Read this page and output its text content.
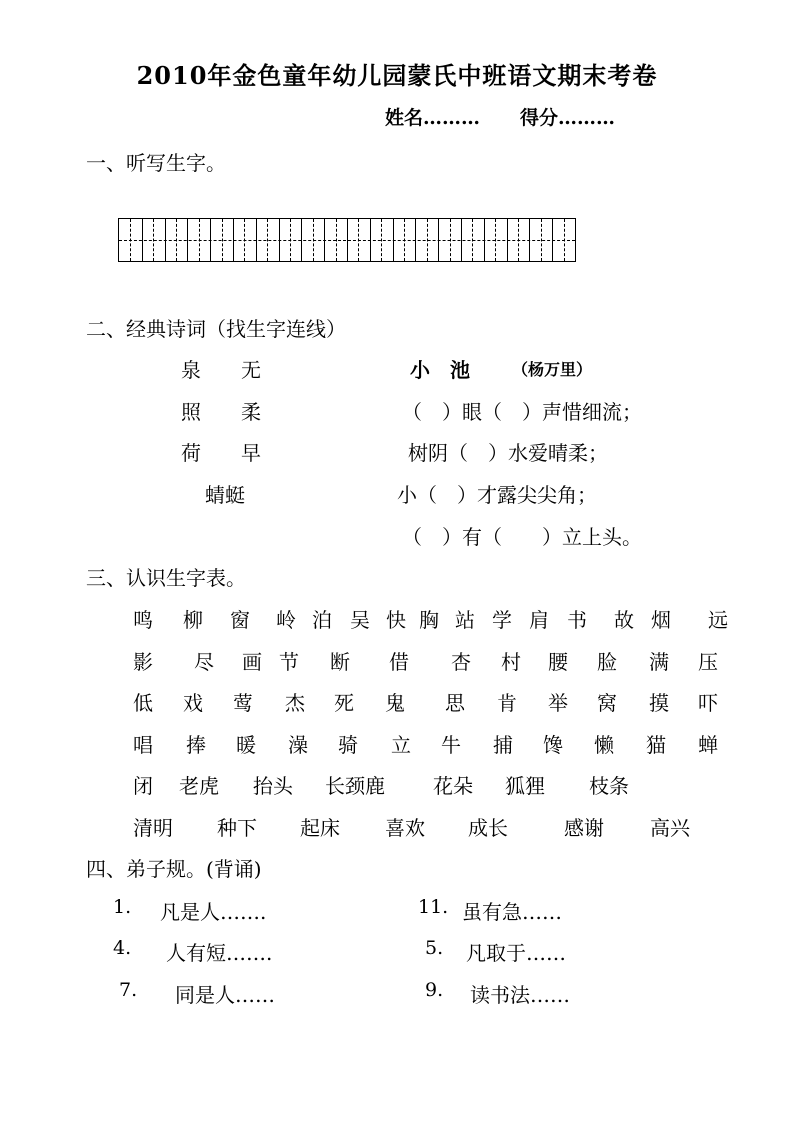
2010年金色童年幼儿园蒙氏中班语文期末考卷
姓名……… 得分………
一、听写生字。
二、经典诗词（找生字连线）
泉 无
照 柔
荷 早
蜻蜓
小　池	（杨万里）
（　）眼（　）声惜细流；
树阴（　）水爱晴柔；
小（　）才露尖尖角；
（　）有（　　）立上头。
三、认识生字表。
鸣 柳 窗 岭 泊 吴 快 胸 站 学 肩 书 故 烟 远
影 尽 画 节 断 借 杏 村 腰 脸 满 压
低 戏 莺 杰 死 鬼 思 肯 举 窝 摸 吓
唱 捧 暖 澡 骑 立 牛 捕 馋 懒 猫 蝉
闭 老虎 抬头 长颈鹿 花朵 狐狸 枝条
清明 种下 起床 喜欢 成长	感谢 高兴
四、弟子规。(背诵)
1. 凡是人…….	11. 虽有急……
4. 人有短…….	5. 凡取于……
7. 同是人……	9. 读书法……
